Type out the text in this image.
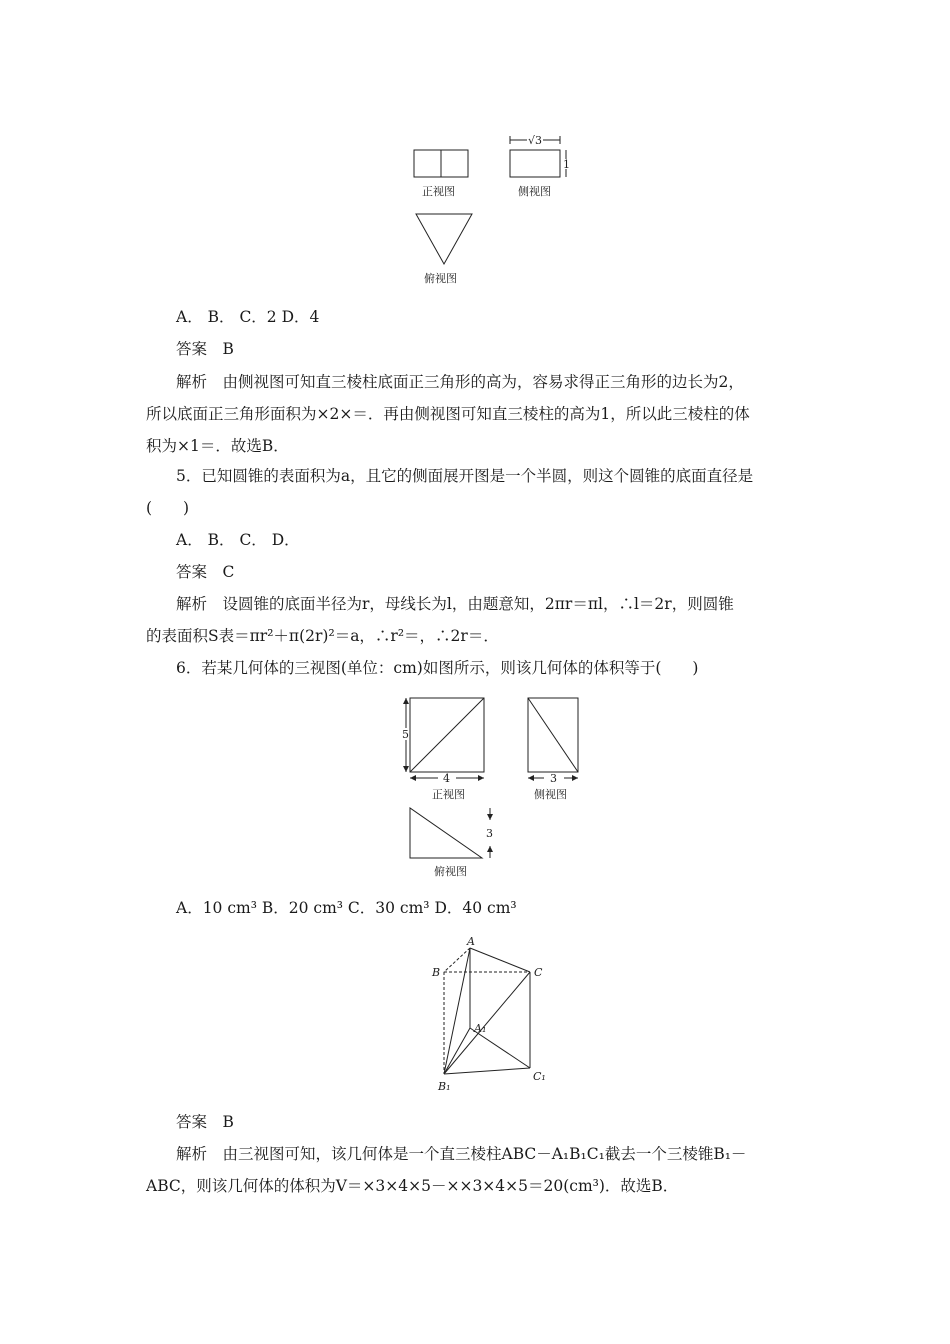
正视图	侧视图
√3
1
俯视图
A． B． C．2 D．4
答案　B
解析　由侧视图可知直三棱柱底面正三角形的高为，容易求得正三角形的边长为2，
所以底面正三角形面积为×2×＝．再由侧视图可知直三棱柱的高为1，所以此三棱柱的体
积为×1＝．故选B．
5．已知圆锥的表面积为a，且它的侧面展开图是一个半圆，则这个圆锥的底面直径是
(　　)
A． B． C． D．
答案　C
解析　设圆锥的底面半径为r，母线长为l，由题意知，2πr＝πl，∴l＝2r，则圆锥
的表面积S表＝πr²＋π(2r)²＝a，∴r²＝，∴2r＝．
6．若某几何体的三视图(单位：cm)如图所示，则该几何体的体积等于(　　)
5
4	3
正视图	侧视图
3
俯视图
A．10 cm³ B．20 cm³ C．30 cm³ D．40 cm³
A
B	C
A₁
B₁
C₁
答案　B
解析　由三视图可知，该几何体是一个直三棱柱ABC－A₁B₁C₁截去一个三棱锥B₁－
ABC，则该几何体的体积为V＝×3×4×5－××3×4×5＝20(cm³)．故选B．
